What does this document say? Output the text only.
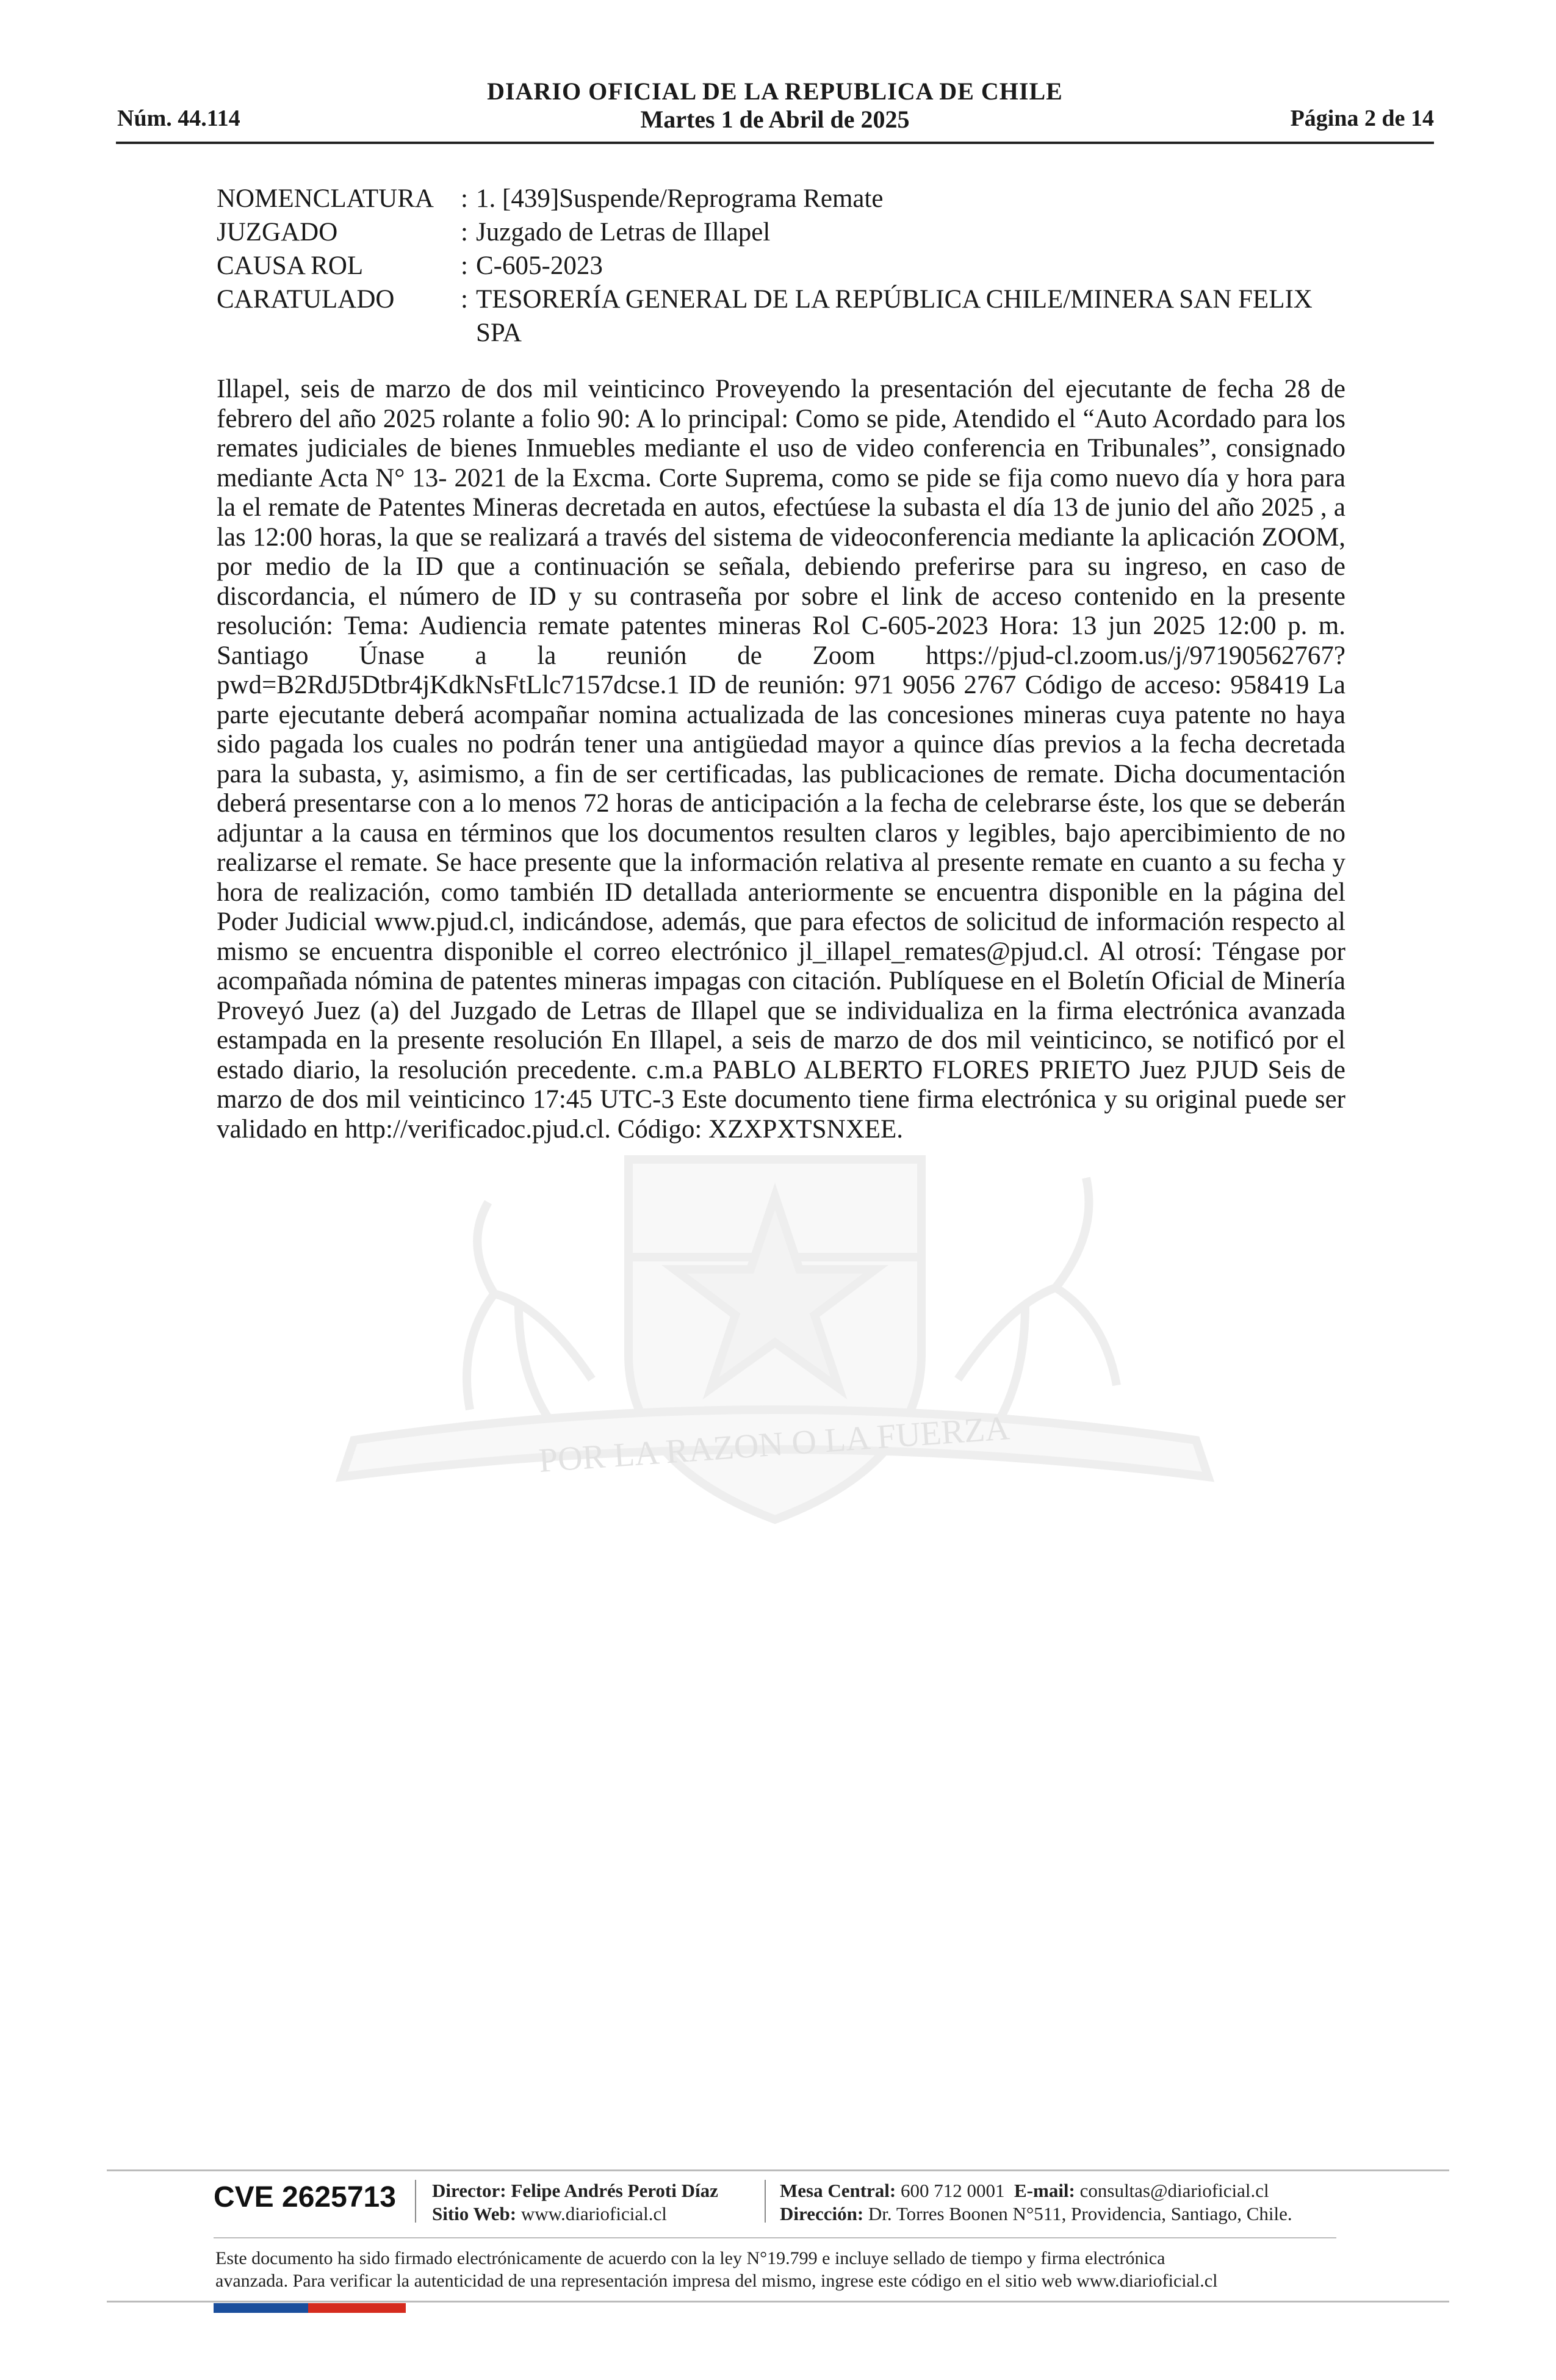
DIARIO OFICIAL DE LA REPUBLICA DE CHILE
Martes 1 de Abril de 2025
Núm. 44.114	Página 2 de 14
POR LA RAZON O LA FUERZA
NOMENCLATURA	: 1. [439]Suspende/Reprograma Remate
JUZGADO	: Juzgado de Letras de Illapel
CAUSA ROL	: C-605-2023
CARATULADO	: TESORERÍA GENERAL DE LA REPÚBLICA CHILE/MINERA SAN FELIX SPA
Illapel, seis de marzo de dos mil veinticinco Proveyendo la presentación del ejecutante de fecha 28 de febrero del año 2025 rolante a folio 90: A lo principal: Como se pide, Atendido el “Auto Acordado para los remates judiciales de bienes Inmuebles mediante el uso de video conferencia en Tribunales”, consignado mediante Acta N° 13- 2021 de la Excma. Corte Suprema, como se pide se fija como nuevo día y hora para la el remate de Patentes Mineras decretada en autos, efectúese la subasta el día 13 de junio del año 2025 , a las 12:00 horas, la que se realizará a través del sistema de videoconferencia mediante la aplicación ZOOM, por medio de la ID que a continuación se señala, debiendo preferirse para su ingreso, en caso de discordancia, el número de ID y su contraseña por sobre el link de acceso contenido en la presente resolución: Tema: Audiencia remate patentes mineras Rol C-605-2023 Hora: 13 jun 2025 12:00 p. m. Santiago Únase a la reunión de Zoom https://pjud-cl.zoom.us/j/97190562767?pwd=B2RdJ5Dtbr4jKdkNsFtLlc7157dcse.1 ID de reunión: 971 9056 2767 Código de acceso: 958419 La parte ejecutante deberá acompañar nomina actualizada de las concesiones mineras cuya patente no haya sido pagada los cuales no podrán tener una antigüedad mayor a quince días previos a la fecha decretada para la subasta, y, asimismo, a fin de ser certificadas, las publicaciones de remate. Dicha documentación deberá presentarse con a lo menos 72 horas de anticipación a la fecha de celebrarse éste, los que se deberán adjuntar a la causa en términos que los documentos resulten claros y legibles, bajo apercibimiento de no realizarse el remate. Se hace presente que la información relativa al presente remate en cuanto a su fecha y hora de realización, como también ID detallada anteriormente se encuentra disponible en la página del Poder Judicial www.pjud.cl, indicándose, además, que para efectos de solicitud de información respecto al mismo se encuentra disponible el correo electrónico jl_illapel_remates@pjud.cl. Al otrosí: Téngase por acompañada nómina de patentes mineras impagas con citación. Publíquese en el Boletín Oficial de Minería Proveyó Juez (a) del Juzgado de Letras de Illapel que se individualiza en la firma electrónica avanzada estampada en la presente resolución En Illapel, a seis de marzo de dos mil veinticinco, se notificó por el estado diario, la resolución precedente. c.m.a PABLO ALBERTO FLORES PRIETO Juez PJUD Seis de marzo de dos mil veinticinco 17:45 UTC-3 Este documento tiene firma electrónica y su original puede ser validado en http://verificadoc.pjud.cl. Código: XZXPXTSNXEE.
CVE 2625713 Director: Felipe Andrés Peroti Díaz
Sitio Web: www.diarioficial.cl
Mesa Central: 600 712 0001 E-mail: consultas@diarioficial.cl
Dirección: Dr. Torres Boonen N°511, Providencia, Santiago, Chile.
Este documento ha sido firmado electrónicamente de acuerdo con la ley N°19.799 e incluye sellado de tiempo y firma electrónica
avanzada. Para verificar la autenticidad de una representación impresa del mismo, ingrese este código en el sitio web www.diarioficial.cl
